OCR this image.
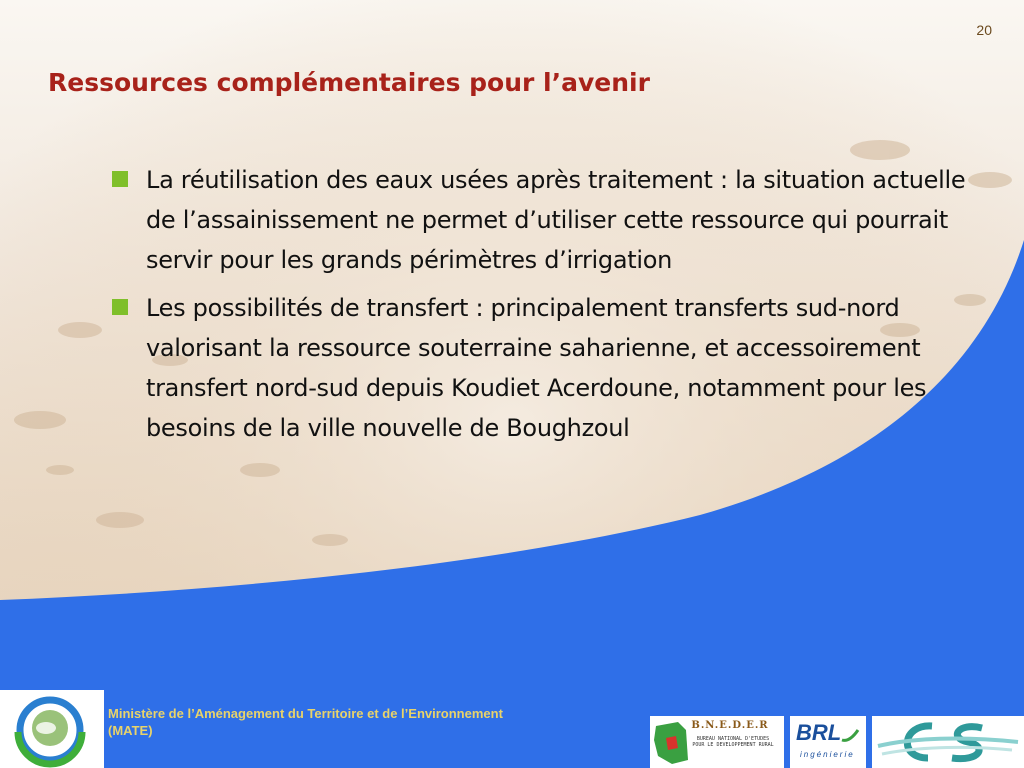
20
Ressources complémentaires pour l’avenir
La réutilisation des eaux usées après traitement : la situation actuelle de l’assainissement ne permet d’utiliser cette ressource qui pourrait servir pour les grands périmètres d’irrigation
Les possibilités de transfert : principalement transferts sud-nord valorisant la ressource souterraine saharienne, et accessoirement transfert nord-sud depuis Koudiet Acerdoune, notamment pour les besoins de la ville nouvelle de Boughzoul
Ministère de l’Aménagement du Territoire et de l’Environnement
(MATE)	B.N.E.D.E.R
BUREAU NATIONAL D'ETUDES POUR LE DEVELOPPEMENT RURAL BRL
ingénierie
